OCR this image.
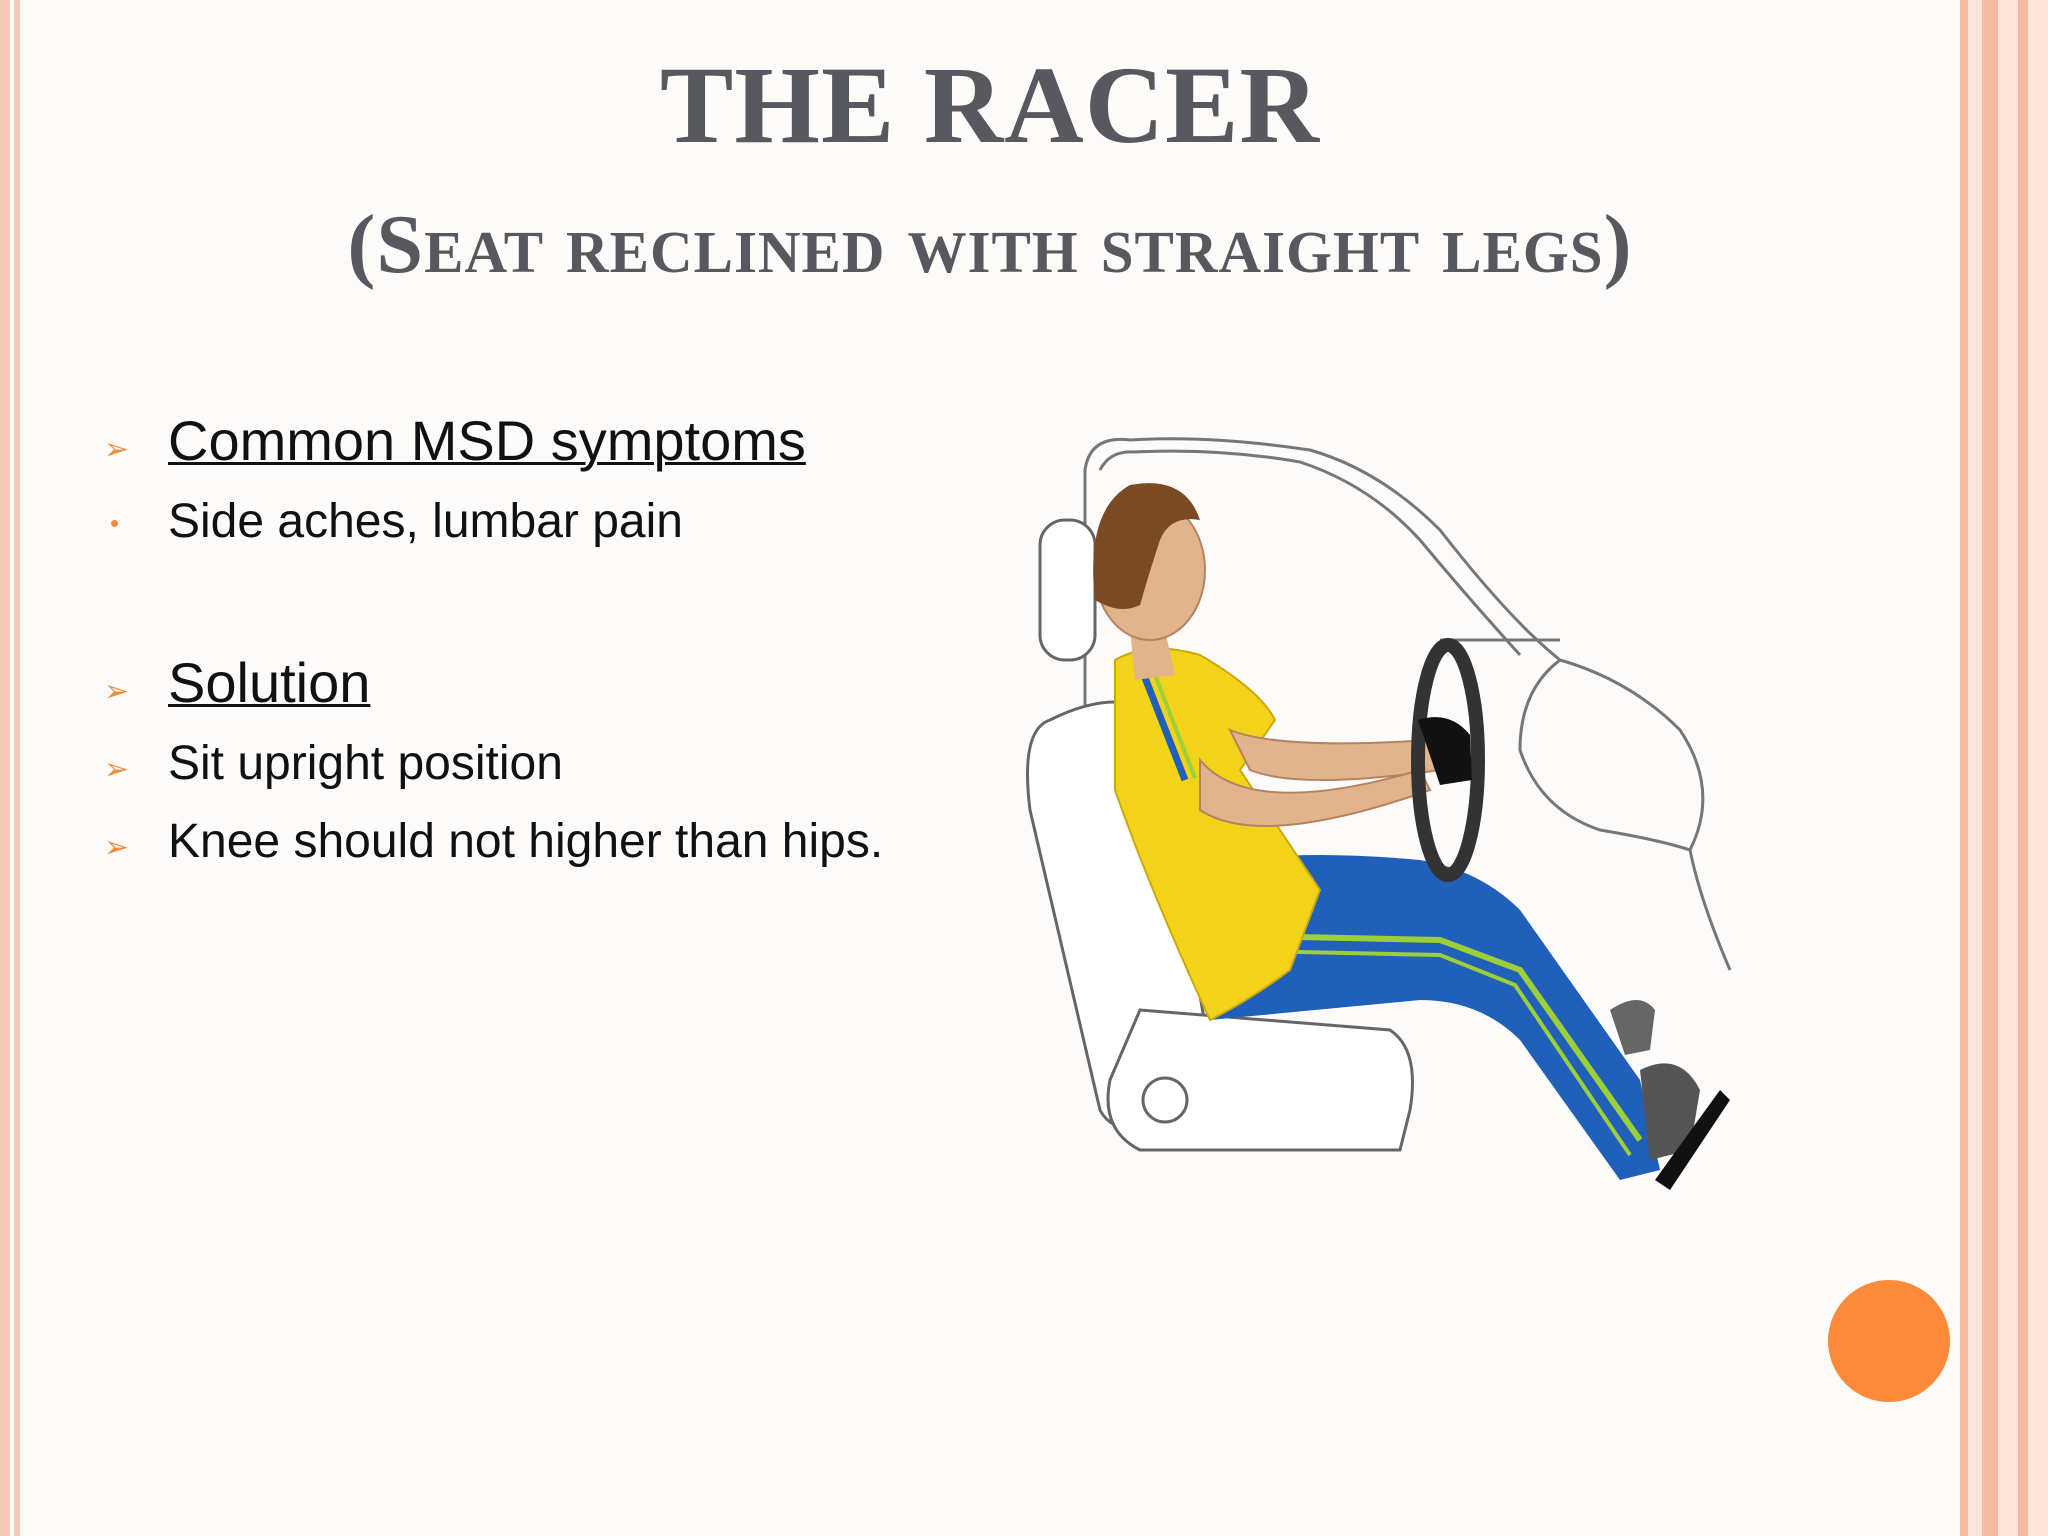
THE RACER
(Seat reclined with straight legs)
➢ Common MSD symptoms
• Side aches, lumbar pain
➢ Solution
➢ Sit upright position
➢ Knee should not higher than hips.
